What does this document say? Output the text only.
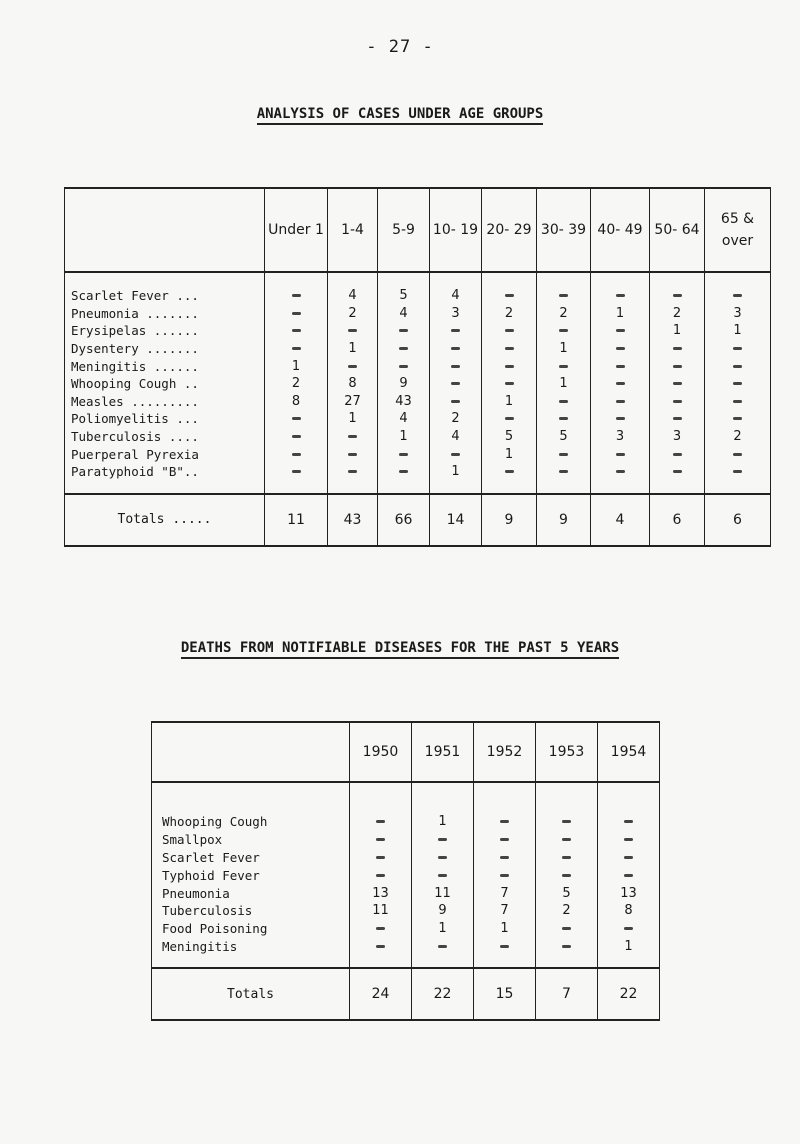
- 27 -
ANALYSIS OF CASES UNDER AGE GROUPS
	Under 1	1-4	5-9	10- 19	20- 29	30- 39	40- 49	50- 64	65 & over
Scarlet Fever ...		4	5	4					
Pneumonia .......		2	4	3	2	2	1	2	3
Erysipelas ......								1	1
Dysentery .......		1				1			
Meningitis ......	1								
Whooping Cough ..	2	8	9			1			
Measles .........	8	27	43		1				
Poliomyelitis ...		1	4	2					
Tuberculosis ....			1	4	5	5	3	3	2
Puerperal Pyrexia					1				
Paratyphoid "B"..				1					
Totals .....	11	43	66	14	9	9	4	6	6
DEATHS FROM NOTIFIABLE DISEASES FOR THE PAST 5 YEARS
	1950	1951	1952	1953	1954
Whooping Cough		1			
Smallpox					
Scarlet Fever					
Typhoid Fever					
Pneumonia	13	11	7	5	13
Tuberculosis	11	9	7	2	8
Food Poisoning		1	1		
Meningitis					1
Totals	24	22	15	7	22
